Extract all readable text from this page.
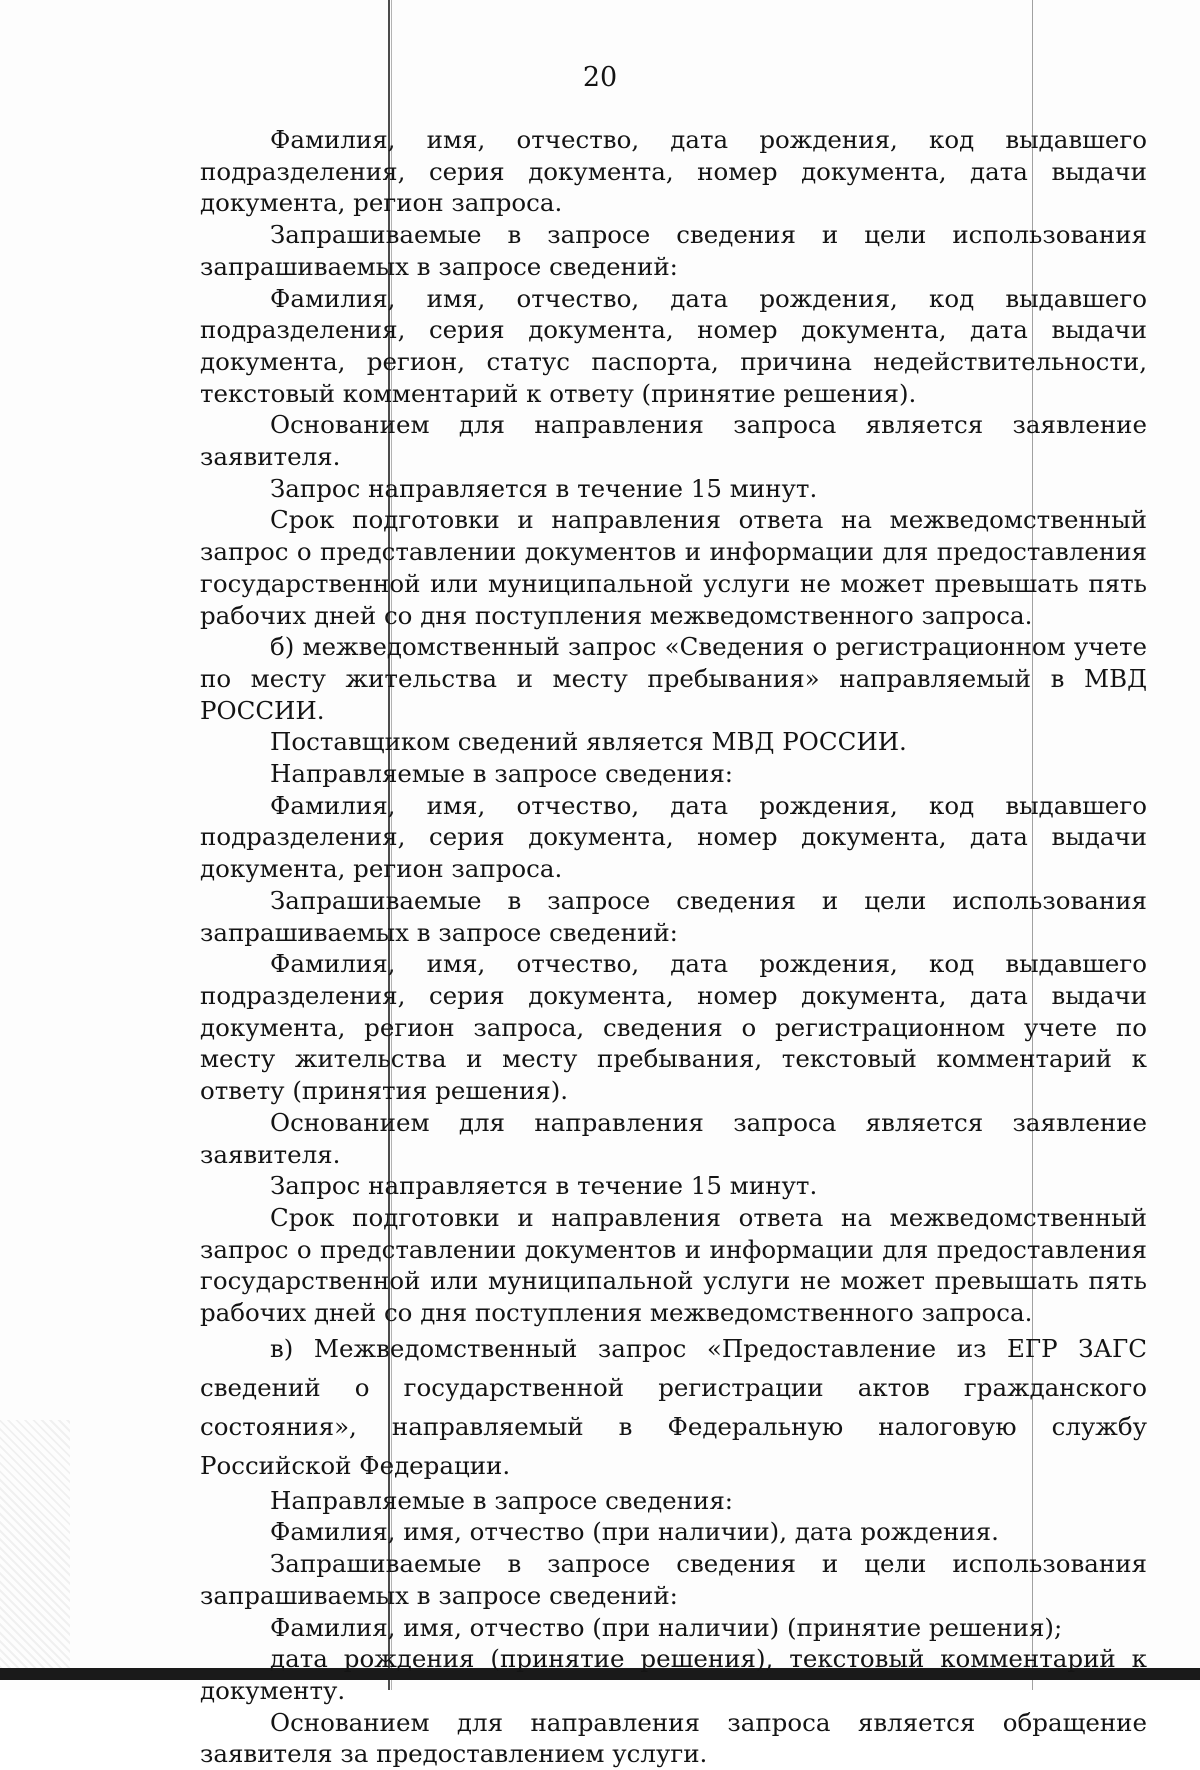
20

Фамилия, имя, отчество, дата рождения, код выдавшего подразделения, серия документа, номер документа, дата выдачи документа, регион запроса.

Запрашиваемые в запросе сведения и цели использования запрашиваемых в запросе сведений:

Фамилия, имя, отчество, дата рождения, код выдавшего подразделения, серия документа, номер документа, дата выдачи документа, регион, статус паспорта, причина недействительности, текстовый комментарий к ответу (принятие решения).

Основанием для направления запроса является заявление заявителя.

Запрос направляется в течение 15 минут.

Срок подготовки и направления ответа на межведомственный запрос о представлении документов и информации для предоставления государственной или муниципальной услуги не может превышать пять рабочих дней со дня поступления межведомственного запроса.

б) межведомственный запрос «Сведения о регистрационном учете по месту жительства и месту пребывания» направляемый в МВД РОССИИ.

Поставщиком сведений является МВД РОССИИ.

Направляемые в запросе сведения:

Фамилия, имя, отчество, дата рождения, код выдавшего подразделения, серия документа, номер документа, дата выдачи документа, регион запроса.

Запрашиваемые в запросе сведения и цели использования запрашиваемых в запросе сведений:

Фамилия, имя, отчество, дата рождения, код выдавшего подразделения, серия документа, номер документа, дата выдачи документа, регион запроса, сведения о регистрационном учете по месту жительства и месту пребывания, текстовый комментарий к ответу (принятия решения).

Основанием для направления запроса является заявление заявителя.

Запрос направляется в течение 15 минут.

Срок подготовки и направления ответа на межведомственный запрос о представлении документов и информации для предоставления государственной или муниципальной услуги не может превышать пять рабочих дней со дня поступления межведомственного запроса.

в) Межведомственный запрос «Предоставление из ЕГР ЗАГС сведений о государственной регистрации актов гражданского состояния», направляемый в Федеральную налоговую службу Российской Федерации.

Направляемые в запросе сведения:

Фамилия, имя, отчество (при наличии), дата рождения.

Запрашиваемые в запросе сведения и цели использования запрашиваемых в запросе сведений:

Фамилия, имя, отчество (при наличии) (принятие решения);

дата рождения (принятие решения), текстовый комментарий к документу.

Основанием для направления запроса является обращение заявителя за предоставлением услуги.
